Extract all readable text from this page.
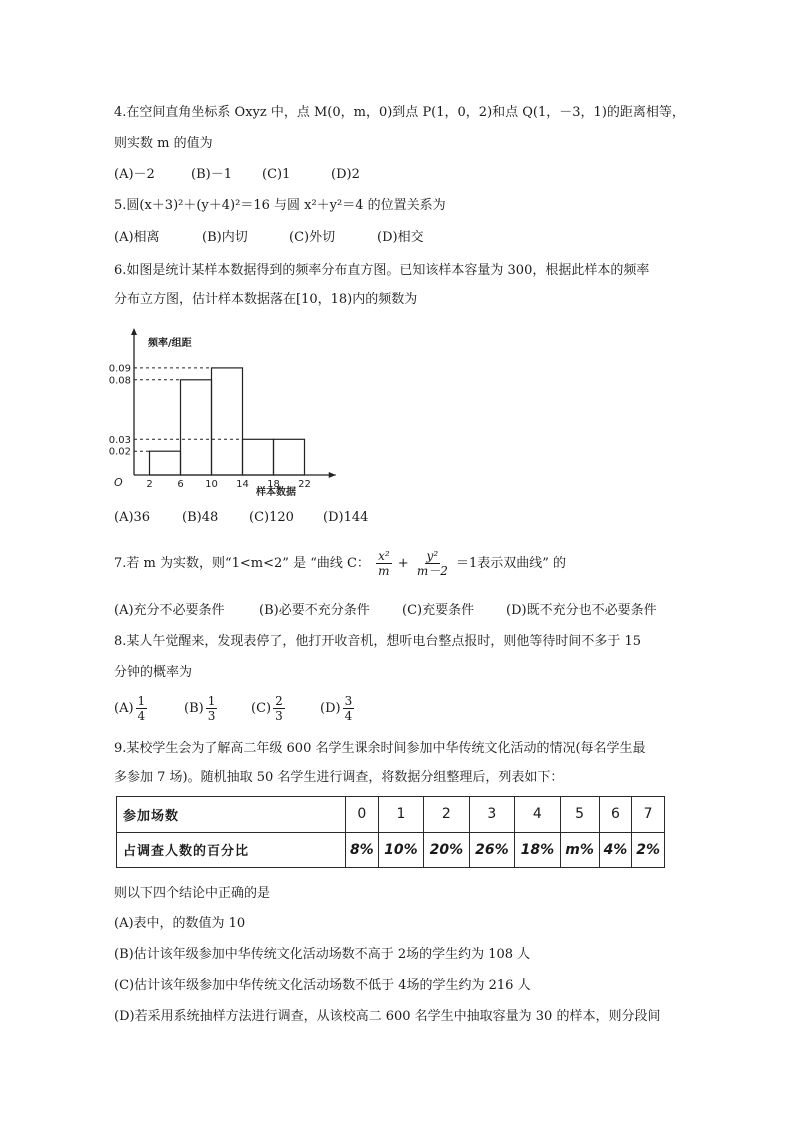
4.在空间直角坐标系 Oxyz 中，点 M(0，m，0)到点 P(1，0，2)和点 Q(1，－3，1)的距离相等，
则实数 m 的值为
(A)－2	(B)－1 (C)1	(D)2
5.圆(x＋3)²＋(y＋4)²＝16 与圆 x²＋y²＝4 的位置关系为
(A)相离	(B)内切	(C)外切	(D)相交
6.如图是统计某样本数据得到的频率分布直方图。已知该样本容量为 300，根据此样本的频率
分布立方图，估计样本数据落在[10，18)内的频数为
频率/组距
样本数据
O
0.02
0.03
0.08
0.09
2 6 10 14 18 22
(A)36 (B)48 (C)120 (D)144
7.若 m 为实数，则“1<m<2” 是 “曲线 C： $\frac{\text{x²}}{m} + \frac{\text{y²}}{m-2} =1$表示双曲线” 的
(A)充分不必要条件	(B)必要不充分条件 (C)充要条件 (D)既不充分也不必要条件
8.某人午觉醒来，发现表停了，他打开收音机，想听电台整点报时，则他等待时间不多于 15
分钟的概率为
$(A) \frac{1}{4}$	$(B) \frac{1}{3}$	$(C) \frac{2}{3}$	$(D) \frac{3}{4}$
9.某校学生会为了解高二年级 600 名学生课余时间参加中华传统文化活动的情况(每名学生最
多参加 7 场)。随机抽取 50 名学生进行调查，将数据分组整理后，列表如下：
参加场数	0	1	2	3	4	5	6	7
占调查人数的百分比	8%	10%	20%	26%	18%	m%	4%	2%
则以下四个结论中正确的是
(A)表中，的数值为 10
(B)估计该年级参加中华传统文化活动场数不高于 2场的学生约为 108 人
(C)估计该年级参加中华传统文化活动场数不低于 4场的学生约为 216 人
(D)若采用系统抽样方法进行调查，从该校高二 600 名学生中抽取容量为 30 的样本，则分段间
